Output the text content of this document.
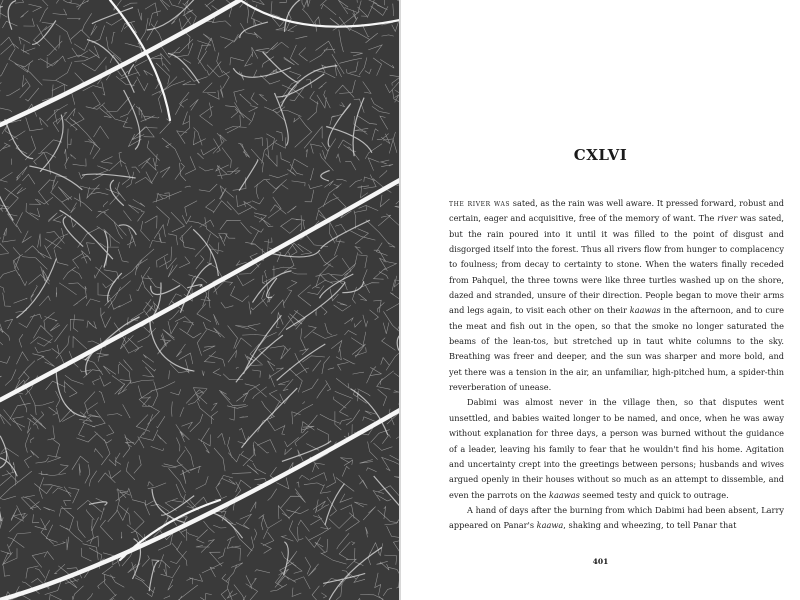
CXLVI

the river was sated, as the rain was well aware. It pressed forward, robust and certain, eager and acquisitive, free of the memory of want. The river was sated, but the rain poured into it until it was filled to the point of disgust and disgorged itself into the forest. Thus all rivers flow from hunger to complacency to foulness; from decay to certainty to stone. When the waters finally receded from Pahquel, the three towns were like three turtles washed up on the shore, dazed and stranded, unsure of their direction. People began to move their arms and legs again, to visit each other on their kaawas in the afternoon, and to cure the meat and fish out in the open, so that the smoke no longer saturated the beams of the lean-tos, but stretched up in taut white columns to the sky. Breathing was freer and deeper, and the sun was sharper and more bold, and yet there was a tension in the air, an unfamiliar, high-pitched hum, a spider-thin reverberation of unease.

Dabimi was almost never in the village then, so that disputes went unsettled, and babies waited longer to be named, and once, when he was away without explanation for three days, a person was burned without the guidance of a leader, leaving his family to fear that he wouldn't find his home. Agitation and uncertainty crept into the greetings between persons; husbands and wives argued openly in their houses without so much as an attempt to dissemble, and even the parrots on the kaawas seemed testy and quick to outrage.

A hand of days after the burning from which Dabimi had been absent, Larry appeared on Panar's kaawa, shaking and wheezing, to tell Panar that

401
